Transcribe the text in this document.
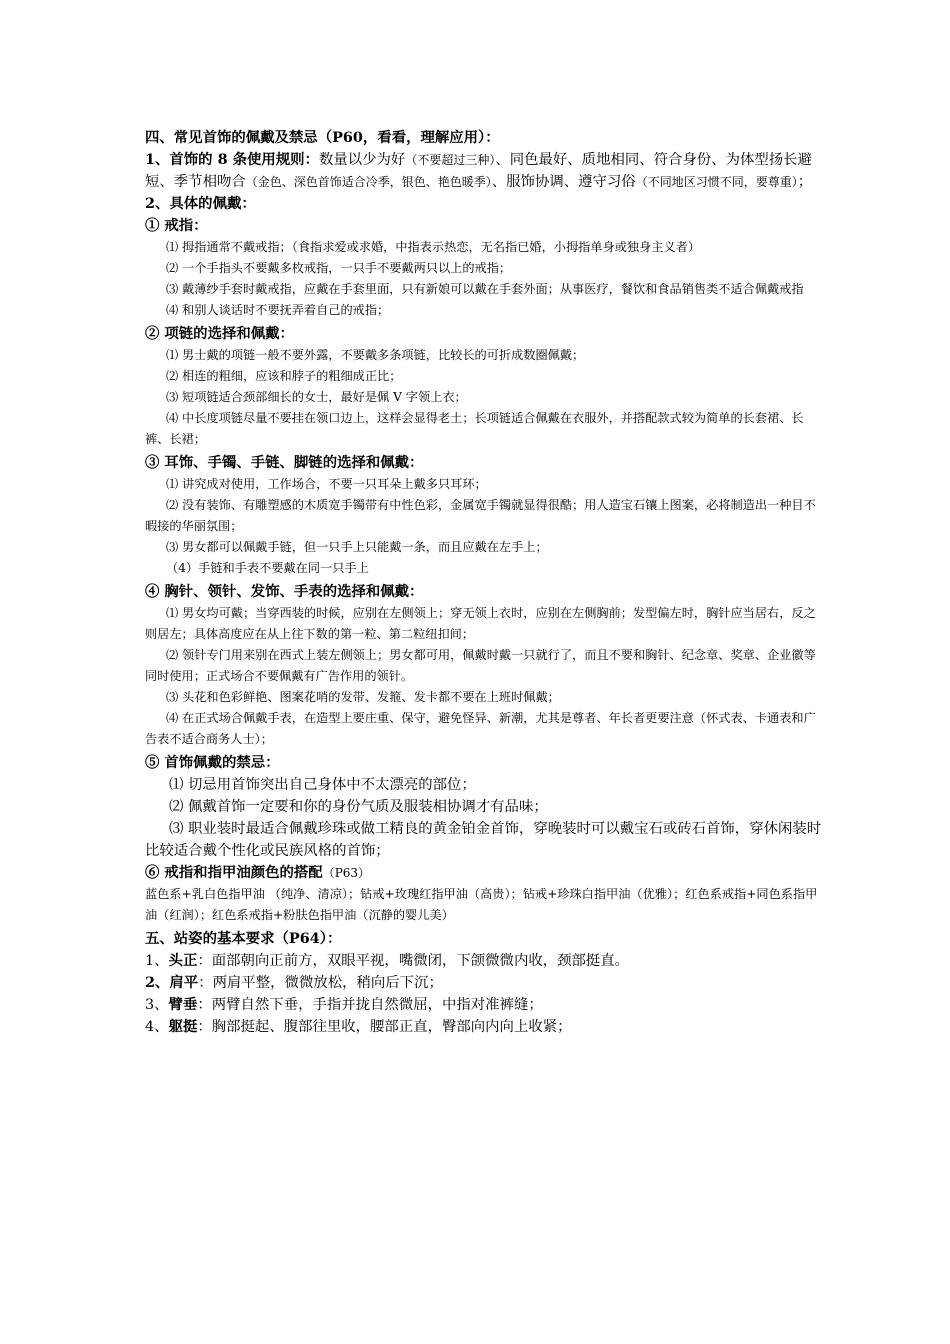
四、常见首饰的佩戴及禁忌（P60，看看，理解应用）：

1、首饰的 8 条使用规则：数量以少为好（不要超过三种）、同色最好、质地相同、符合身份、为体型扬长避短、季节相吻合（金色、深色首饰适合冷季，银色、艳色暖季）、服饰协调、遵守习俗（不同地区习惯不同，要尊重）；

2、具体的佩戴：

① 戒指：

⑴ 拇指通常不戴戒指；（食指求爱或求婚，中指表示热恋，无名指已婚，小拇指单身或独身主义者）

⑵ 一个手指头不要戴多枚戒指，一只手不要戴两只以上的戒指；

⑶ 戴薄纱手套时戴戒指，应戴在手套里面，只有新娘可以戴在手套外面；从事医疗，餐饮和食品销售类不适合佩戴戒指

⑷ 和别人谈话时不要抚弄着自己的戒指；

② 项链的选择和佩戴：

⑴ 男士戴的项链一般不要外露，不要戴多条项链，比较长的可折成数圈佩戴；

⑵ 相连的粗细，应该和脖子的粗细成正比；

⑶ 短项链适合颈部细长的女士，最好是佩 V 字领上衣；

⑷ 中长度项链尽量不要挂在领口边上，这样会显得老土；长项链适合佩戴在衣服外，并搭配款式较为简单的长套裙、长裤、长裙；

③ 耳饰、手镯、手链、脚链的选择和佩戴：

⑴ 讲究成对使用，工作场合，不要一只耳朵上戴多只耳环；

⑵ 没有装饰、有雕塑感的木质宽手镯带有中性色彩，金属宽手镯就显得很酷；用人造宝石镶上图案，必将制造出一种目不暇接的华丽氛围；

⑶ 男女都可以佩戴手链，但一只手上只能戴一条，而且应戴在左手上；

（4）手链和手表不要戴在同一只手上

④ 胸针、领针、发饰、手表的选择和佩戴：

⑴ 男女均可戴；当穿西装的时候，应别在左侧领上；穿无领上衣时，应别在左侧胸前；发型偏左时，胸针应当居右，反之则居左；具体高度应在从上往下数的第一粒、第二粒纽扣间；

⑵ 领针专门用来别在西式上装左侧领上；男女都可用，佩戴时戴一只就行了，而且不要和胸针、纪念章、奖章、企业徽等同时使用；正式场合不要佩戴有广告作用的领针。

⑶ 头花和色彩鲜艳、图案花哨的发带、发箍、发卡都不要在上班时佩戴；

⑷ 在正式场合佩戴手表，在造型上要庄重、保守，避免怪异、新潮，尤其是尊者、年长者更要注意（怀式表、卡通表和广告表不适合商务人士）；

⑤ 首饰佩戴的禁忌：

⑴ 切忌用首饰突出自己身体中不太漂亮的部位；

⑵ 佩戴首饰一定要和你的身份气质及服装相协调才有品味；

⑶ 职业装时最适合佩戴珍珠或做工精良的黄金铂金首饰，穿晚装时可以戴宝石或砖石首饰，穿休闲装时比较适合戴个性化或民族风格的首饰；

⑥ 戒指和指甲油颜色的搭配（P63）

蓝色系+乳白色指甲油 （纯净、清凉）；钻戒+玫瑰红指甲油（高贵）；钻戒+珍珠白指甲油（优雅）；红色系戒指+同色系指甲油（红润）；红色系戒指+粉肤色指甲油（沉静的婴儿美）

五、站姿的基本要求（P64）：

1、头正：面部朝向正前方，双眼平视，嘴微闭，下颌微微内收，颈部挺直。

2、肩平：两肩平整，微微放松，稍向后下沉；

3、臂垂：两臂自然下垂，手指并拢自然微屈，中指对准裤缝；

4、躯挺：胸部挺起、腹部往里收，腰部正直，臀部向内向上收紧；
